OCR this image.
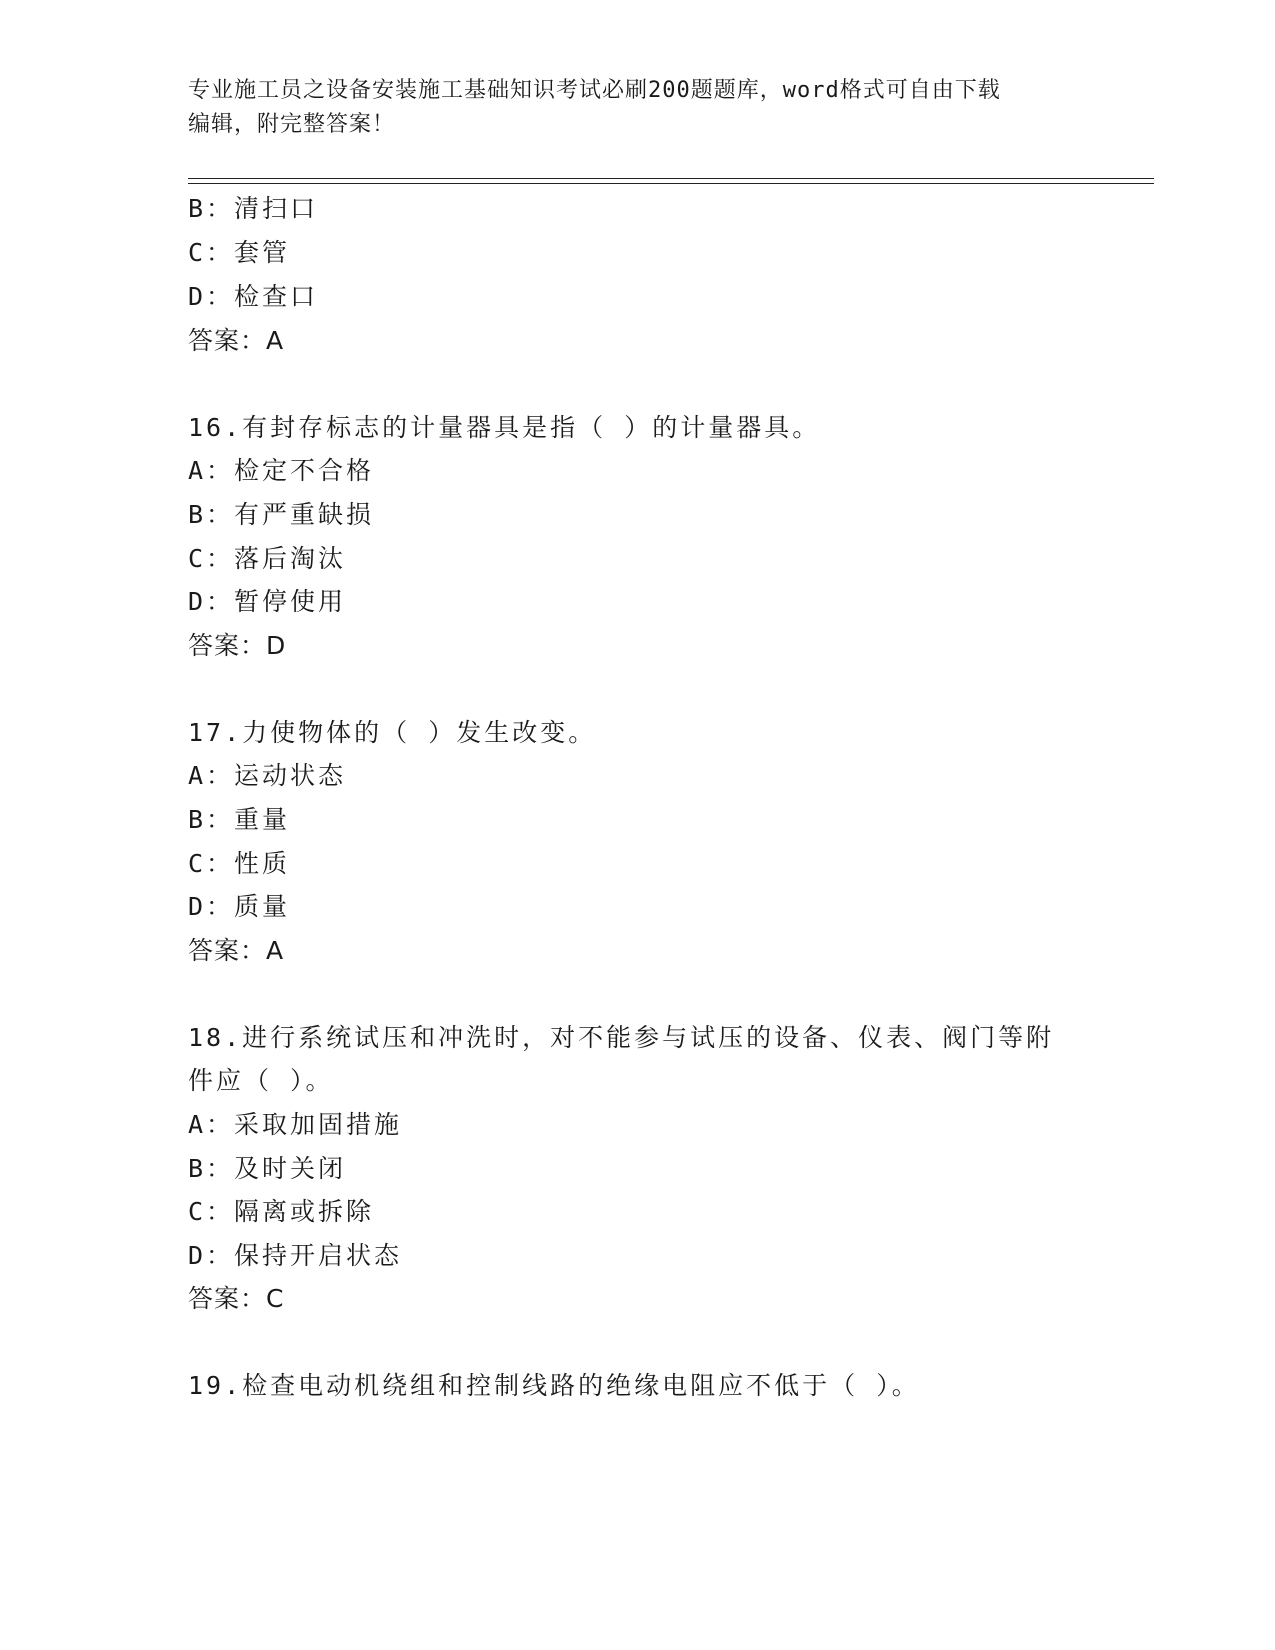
专业施工员之设备安装施工基础知识考试必刷200题题库，word格式可自由下载
编辑，附完整答案！
B：清扫口
C：套管
D：检查口
答案：A
16.有封存标志的计量器具是指（ ）的计量器具。
A：检定不合格
B：有严重缺损
C：落后淘汰
D：暂停使用
答案：D
17.力使物体的（ ）发生改变。
A：运动状态
B：重量
C：性质
D：质量
答案：A
18.进行系统试压和冲洗时，对不能参与试压的设备、仪表、阀门等附
件应（ ）。
A：采取加固措施
B：及时关闭
C：隔离或拆除
D：保持开启状态
答案：C
19.检查电动机绕组和控制线路的绝缘电阻应不低于（ ）。
